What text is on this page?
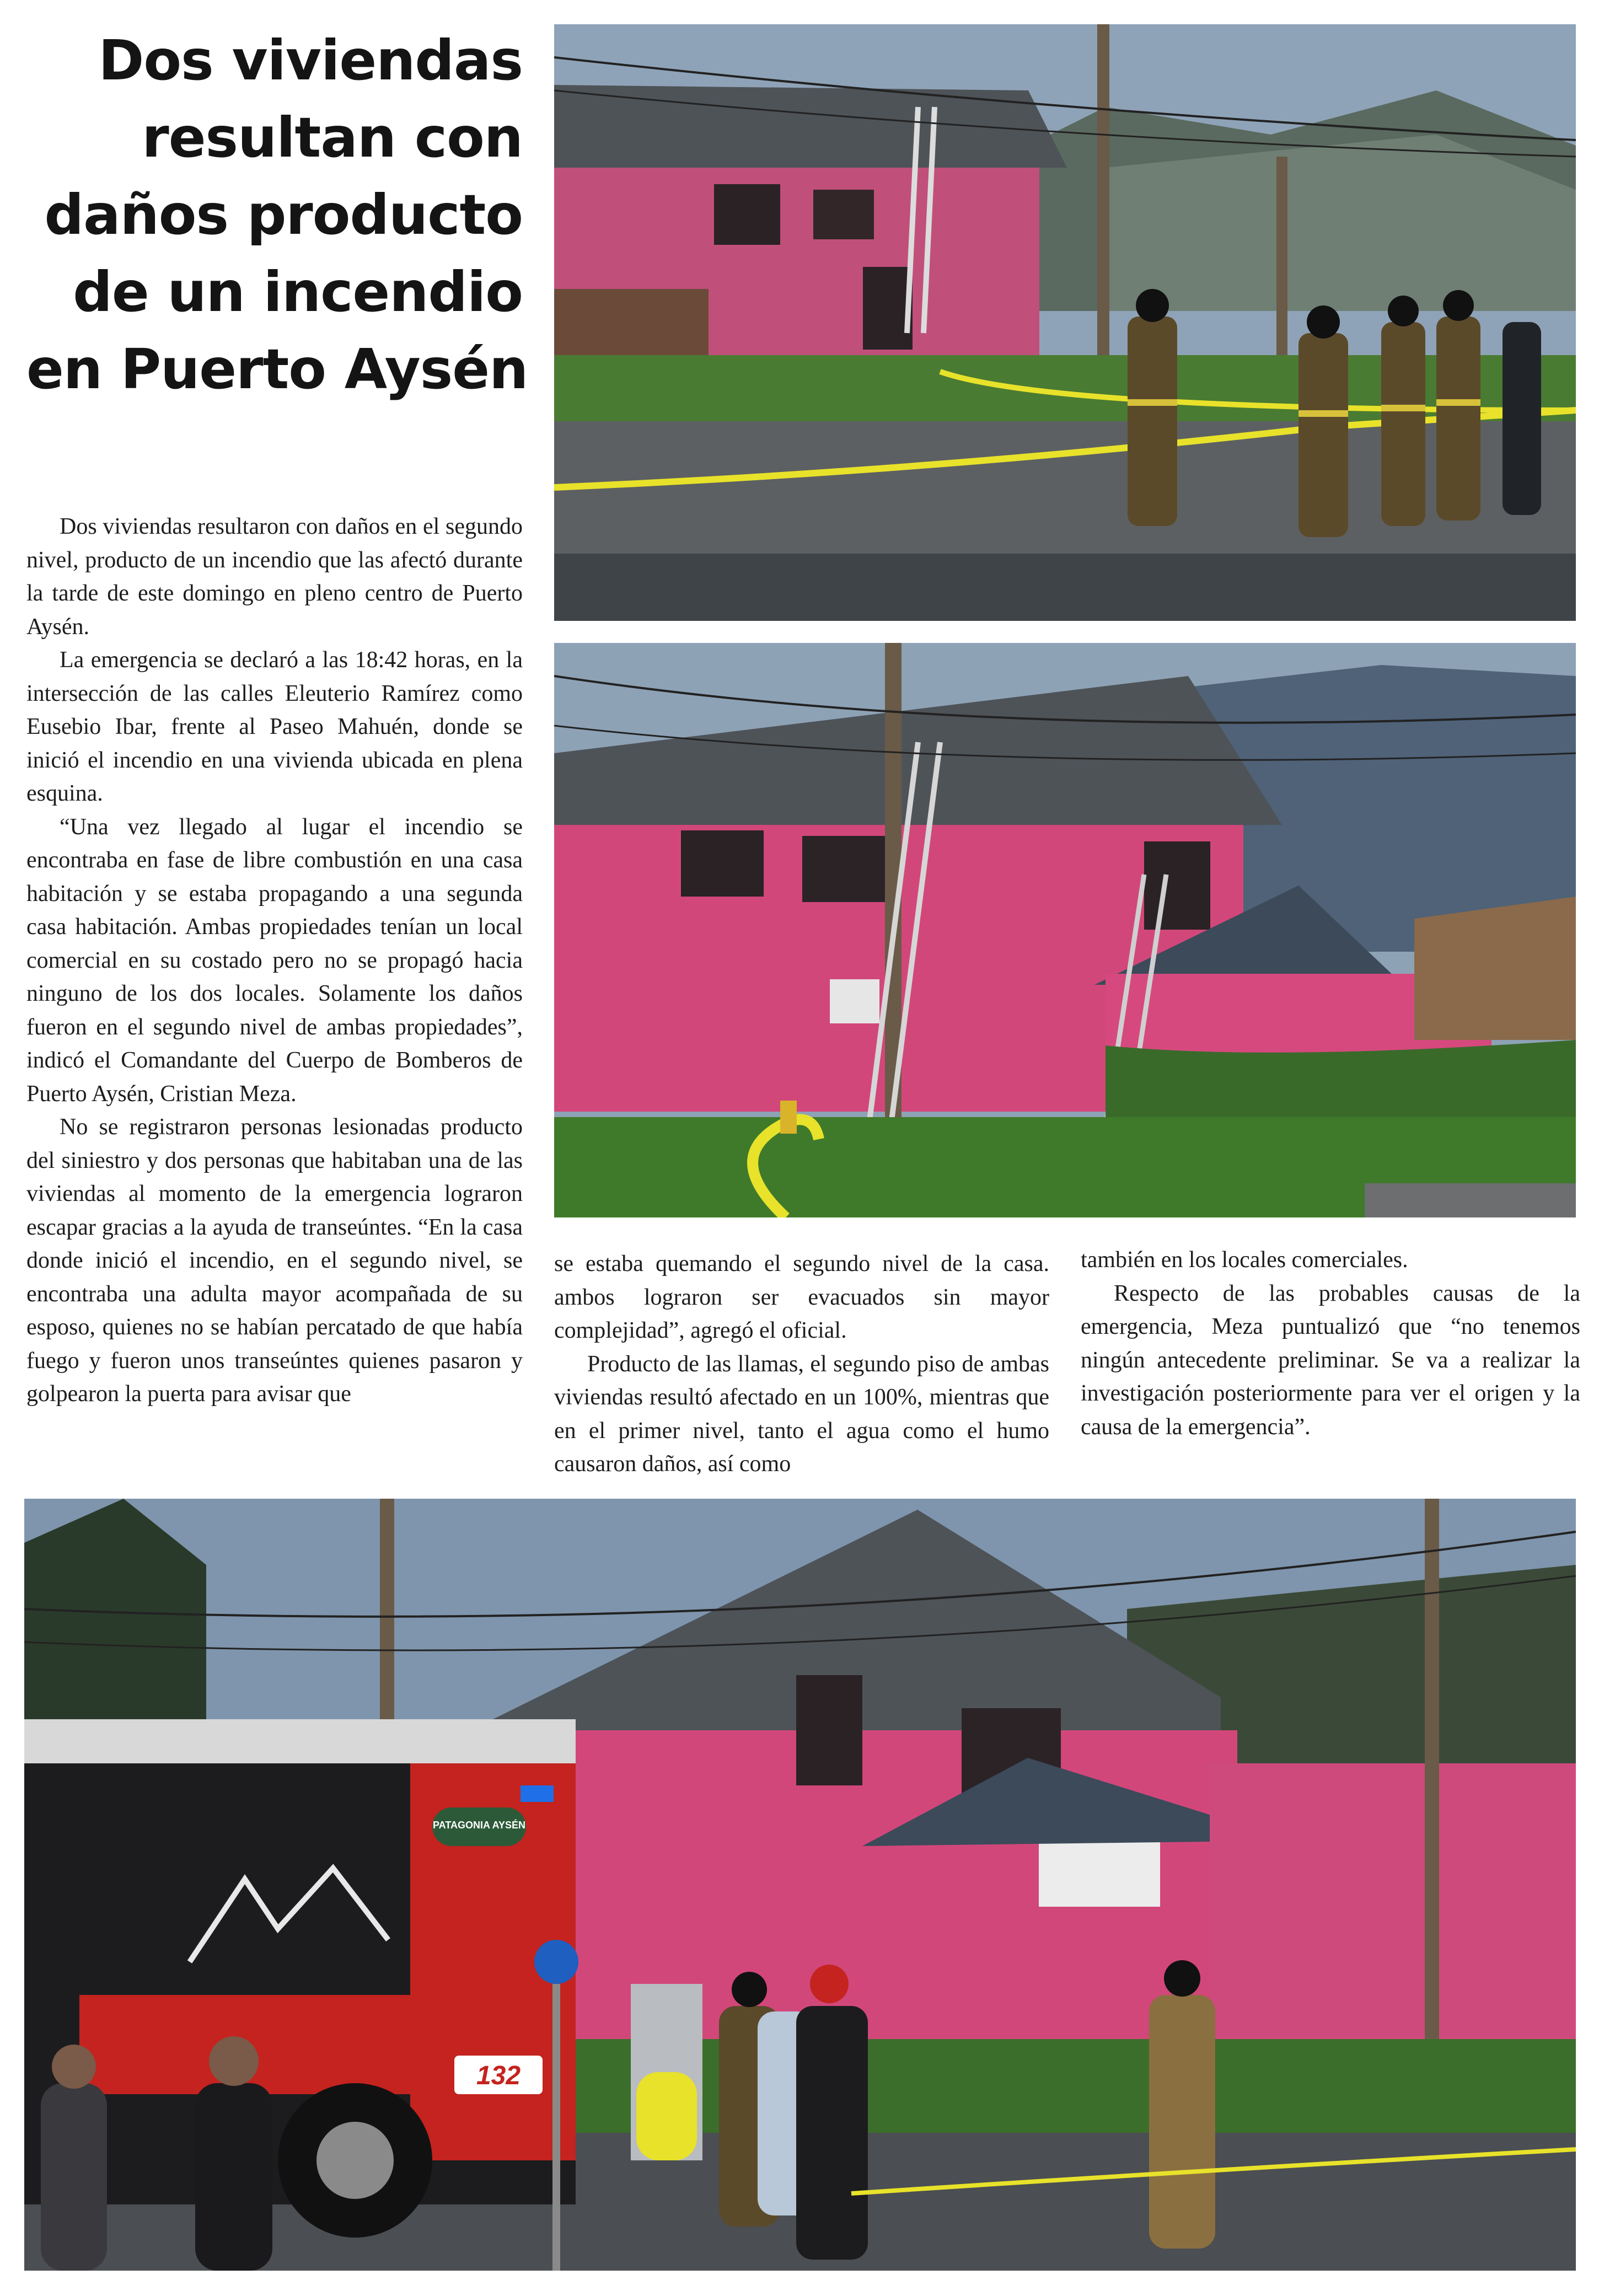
Dos viviendas
resultan con
daños producto
de un incendio
en Puerto Aysén

Dos viviendas resultaron con daños en el segundo nivel, producto de un incendio que las afectó durante la tarde de este domingo en pleno centro de Puerto Aysén.

La emergencia se declaró a las 18:42 horas, en la intersección de las calles Eleuterio Ramírez como Eusebio Ibar, frente al Paseo Mahuén, donde se inició el incendio en una vivienda ubicada en plena esquina.

“Una vez llegado al lugar el incendio se encontraba en fase de libre combustión en una casa habitación y se estaba propagando a una segunda casa habitación. Ambas propiedades tenían un local comercial en su costado pero no se propagó hacia ninguno de los dos locales. Solamente los daños fueron en el segundo nivel de ambas propiedades”, indicó el Comandante del Cuerpo de Bomberos de Puerto Aysén, Cristian Meza.

No se registraron personas lesionadas producto del siniestro y dos personas que habitaban una de las viviendas al momento de la emergencia lograron escapar gracias a la ayuda de transeúntes. “En la casa donde inició el incendio, en el segundo nivel, se encontraba una adulta mayor acompañada de su esposo, quienes no se habían percatado de que había fuego y fueron unos transeúntes quienes pasaron y golpearon la puerta para avisar que

se estaba quemando el segundo nivel de la casa. ambos lograron ser evacuados sin mayor complejidad”, agregó el oficial.

Producto de las llamas, el segundo piso de ambas viviendas resultó afectado en un 100%, mientras que en el primer nivel, tanto el agua como el humo causaron daños, así como

también en los locales comerciales.

Respecto de las probables causas de la emergencia, Meza puntualizó que “no tenemos ningún antecedente preliminar. Se va a realizar la investigación posteriormente para ver el origen y la causa de la emergencia”.

PATAGONIA AYSÉN
132
